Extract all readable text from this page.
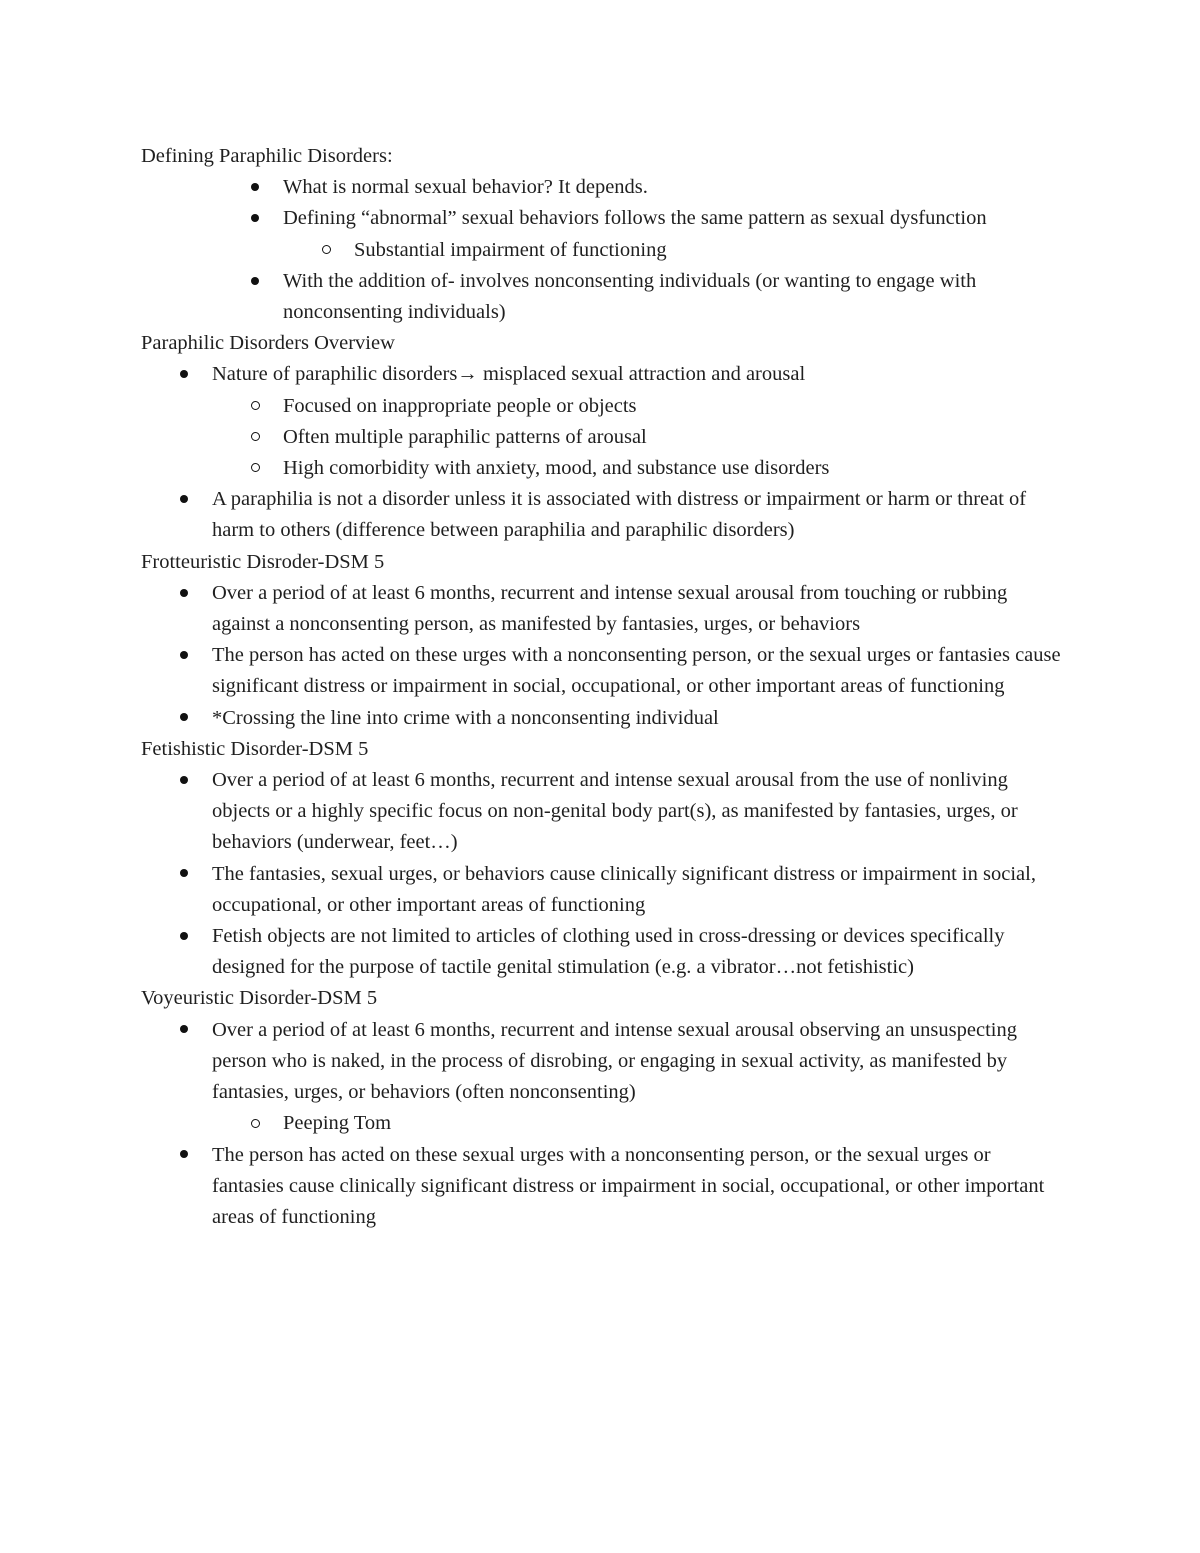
Defining Paraphilic Disorders:
What is normal sexual behavior? It depends.
Defining “abnormal” sexual behaviors follows the same pattern as sexual dysfunction
Substantial impairment of functioning
With the addition of- involves nonconsenting individuals (or wanting to engage with nonconsenting individuals)
Paraphilic Disorders Overview
Nature of paraphilic disorders→ misplaced sexual attraction and arousal
Focused on inappropriate people or objects
Often multiple paraphilic patterns of arousal
High comorbidity with anxiety, mood, and substance use disorders
A paraphilia is not a disorder unless it is associated with distress or impairment or harm or threat of harm to others (difference between paraphilia and paraphilic disorders)
Frotteuristic Disroder-DSM 5
Over a period of at least 6 months, recurrent and intense sexual arousal from touching or rubbing against a nonconsenting person, as manifested by fantasies, urges, or behaviors
The person has acted on these urges with a nonconsenting person, or the sexual urges or fantasies cause significant distress or impairment in social, occupational, or other important areas of functioning
*Crossing the line into crime with a nonconsenting individual
Fetishistic Disorder-DSM 5
Over a period of at least 6 months, recurrent and intense sexual arousal from the use of nonliving objects or a highly specific focus on non-genital body part(s), as manifested by fantasies, urges, or behaviors (underwear, feet…)
The fantasies, sexual urges, or behaviors cause clinically significant distress or impairment in social, occupational, or other important areas of functioning
Fetish objects are not limited to articles of clothing used in cross-dressing or devices specifically designed for the purpose of tactile genital stimulation (e.g. a vibrator…not fetishistic)
Voyeuristic Disorder-DSM 5
Over a period of at least 6 months, recurrent and intense sexual arousal observing an unsuspecting person who is naked, in the process of disrobing, or engaging in sexual activity, as manifested by fantasies, urges, or behaviors (often nonconsenting)
Peeping Tom
The person has acted on these sexual urges with a nonconsenting person, or the sexual urges or fantasies cause clinically significant distress or impairment in social, occupational, or other important areas of functioning
